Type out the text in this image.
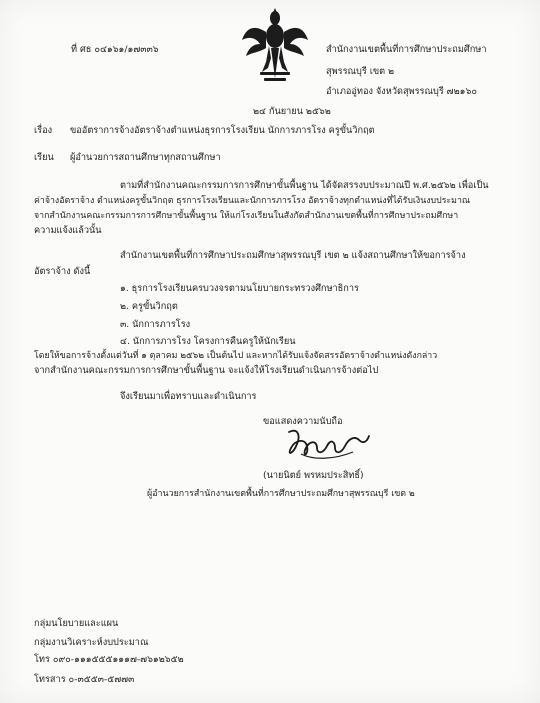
ที่ ศธ ๐๔๑๖๑/๑๗๓๓๖	สำนักงานเขตพื้นที่การศึกษาประถมศึกษา
สุพรรณบุรี เขต ๒
อำเภออู่ทอง จังหวัดสุพรรณบุรี ๗๒๑๖๐
๒๔ กันยายน ๒๕๖๒
เรื่อง ขออัตราการจ้างอัตราจ้างตำแหน่งธุรการโรงเรียน นักการภารโรง ครูขั้นวิกฤต
เรียน ผู้อำนวยการสถานศึกษาทุกสถานศึกษา
ตามที่สำนักงานคณะกรรมการการศึกษาขั้นพื้นฐาน ได้จัดสรรงบประมาณปี พ.ศ.๒๕๖๒ เพื่อเป็น
ค่าจ้างอัตราจ้าง ตำแหน่งครูขั้นวิกฤต ธุรการโรงเรียนและนักการภารโรง อัตราจ้างทุกตำแหน่งที่ได้รับเงินงบประมาณ
จากสำนักงานคณะกรรมการการศึกษาขั้นพื้นฐาน ให้แก่โรงเรียนในสังกัดสำนักงานเขตพื้นที่การศึกษาประถมศึกษา
ความแจ้งแล้วนั้น
สำนักงานเขตพื้นที่การศึกษาประถมศึกษาสุพรรณบุรี เขต ๒ แจ้งสถานศึกษาให้ขอการจ้าง
อัตราจ้าง ดังนี้
๑. ธุรการโรงเรียนครบวงจรตามนโยบายกระทรวงศึกษาธิการ
๒. ครูขั้นวิกฤต
๓. นักการภารโรง
๔. นักการภารโรง โครงการคืนครูให้นักเรียน
โดยให้ขอการจ้างตั้งแต่วันที่ ๑ ตุลาคม ๒๕๖๒ เป็นต้นไป และหากได้รับแจ้งจัดสรรอัตราจ้างตำแหน่งดังกล่าว
จากสำนักงานคณะกรรมการการศึกษาขั้นพื้นฐาน จะแจ้งให้โรงเรียนดำเนินการจ้างต่อไป
จึงเรียนมาเพื่อทราบและดำเนินการ
ขอแสดงความนับถือ
(นายนิตย์ พรหมประสิทธิ์)
ผู้อำนวยการสำนักงานเขตพื้นที่การศึกษาประถมศึกษาสุพรรณบุรี เขต ๒
กลุ่มนโยบายและแผน
กลุ่มงานวิเคราะห์งบประมาณ
โทร ๐๙๐-๑๑๑๕๕๕๑๑๑๗-๗๖๑๒๖๕๒
โทรสาร ๐-๓๕๕๓-๕๗๗๓
